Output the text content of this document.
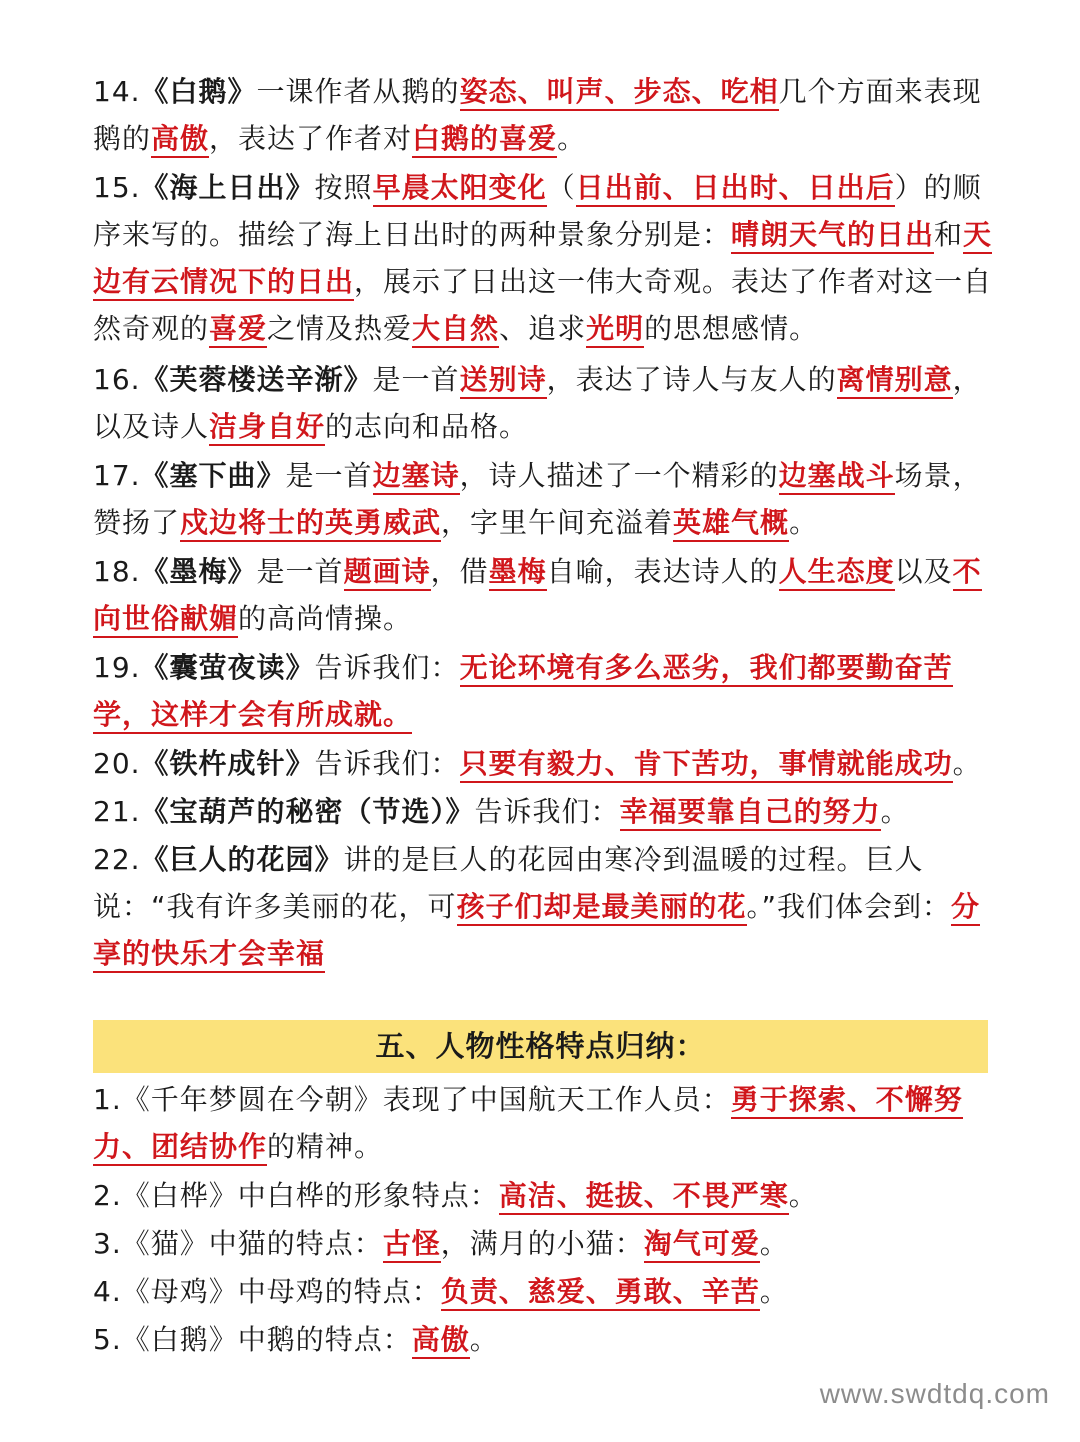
14.《白鹅》一课作者从鹅的姿态、叫声、步态、吃相几个方面来表现鹅的高傲，表达了作者对白鹅的喜爱。

15.《海上日出》按照早晨太阳变化（日出前、日出时、日出后）的顺序来写的。描绘了海上日出时的两种景象分别是：晴朗天气的日出和天边有云情况下的日出，展示了日出这一伟大奇观。表达了作者对这一自然奇观的喜爱之情及热爱大自然、追求光明的思想感情。

16.《芙蓉楼送辛渐》是一首送别诗，表达了诗人与友人的离情别意，以及诗人洁身自好的志向和品格。

17.《塞下曲》是一首边塞诗，诗人描述了一个精彩的边塞战斗场景，赞扬了戍边将士的英勇威武，字里午间充溢着英雄气概。

18.《墨梅》是一首题画诗，借墨梅自喻，表达诗人的人生态度以及不向世俗献媚的高尚情操。

19.《囊萤夜读》告诉我们：无论环境有多么恶劣，我们都要勤奋苦学，这样才会有所成就。

20.《铁杵成针》告诉我们：只要有毅力、肯下苦功，事情就能成功。

21.《宝葫芦的秘密（节选）》告诉我们：幸福要靠自己的努力。

22.《巨人的花园》讲的是巨人的花园由寒冷到温暖的过程。巨人说：“我有许多美丽的花，可孩子们却是最美丽的花。”我们体会到：分享的快乐才会幸福

五、人物性格特点归纳：

1.《千年梦圆在今朝》表现了中国航天工作人员：勇于探索、不懈努力、团结协作的精神。

2.《白桦》中白桦的形象特点：高洁、挺拔、不畏严寒。

3.《猫》中猫的特点：古怪，满月的小猫：淘气可爱。

4.《母鸡》中母鸡的特点：负责、慈爱、勇敢、辛苦。

5.《白鹅》中鹅的特点：高傲。

www.swdtdq.com
